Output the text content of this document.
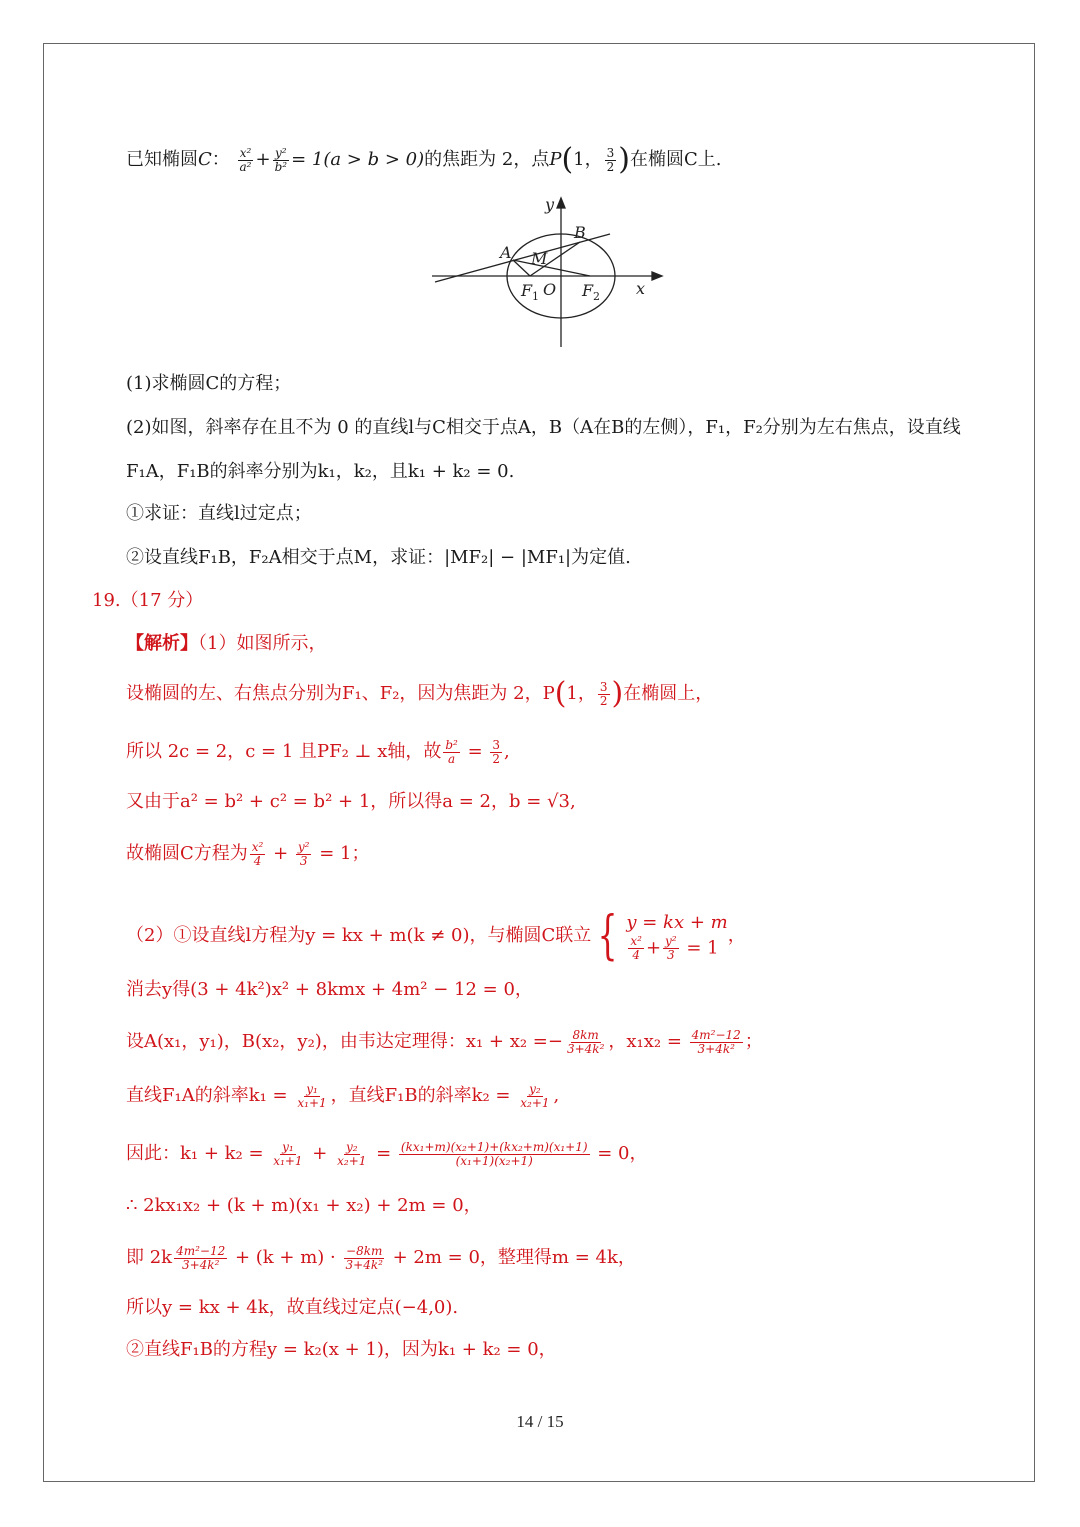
已知椭圆C： $\frac{\text{x²}}{\text{a²}} + \frac{\text{y²}}{\text{b²}} = 1(a > b > 0)$的焦距为 2，点P(1， $\frac{3}{2}$ )在椭圆C上.
y
x
A
B
M
F 1 O F 2
(1)求椭圆C的方程；
(2)如图，斜率存在且不为 0 的直线l与C相交于点A，B（A在B的左侧），F₁，F₂分别为左右焦点，设直线
F₁A，F₁B的斜率分别为k₁，k₂，且k₁ + k₂ = 0.
①求证：直线l过定点；
②设直线F₁B，F₂A相交于点M，求证：|MF₂| − |MF₁|为定值.
19.（17 分）
【解析】（1）如图所示，
设椭圆的左、右焦点分别为F₁、F₂，因为焦距为 2，P(1， $\frac{3}{2}$ )在椭圆上，
所以 2c = 2，c = 1 且PF₂ ⊥ x轴，故 $\frac{\text{b²}}{a} = \frac{3}{2}$ ,
又由于a² = b² + c² = b² + 1，所以得a = 2，b = √3,
故椭圆C方程为 $\frac{\text{x²}}{4} + \frac{\text{y²}}{3} = 1$；
（2）①设直线l方程为y = kx + m(k ≠ 0)，与椭圆C联立 { y = kx + m
$\frac{\text{x²}}{4} + \frac{\text{y²}}{3} = 1$
，
消去y得(3 + 4k²)x² + 8kmx + 4m² − 12 = 0，
设A(x₁，y₁)，B(x₂，y₂)，由韦达定理得：$x_1 + x_2 =- \frac{8km}{\text{3+4k²}}$ ，$x_1x_2 = \frac{\text{4m²−12}}{\text{3+4k²}}$ ；
直线F₁A的斜率$k_1 = \frac{\text{y₁}}{\text{x₁+1}}$ ，直线F₁B的斜率$k_2 = \frac{\text{y₂}}{\text{x₂+1}}$ ,
因此：$k_1 + k_2 = \frac{\text{y₁}}{\text{x₁+1}} + \frac{\text{y₂}}{\text{x₂+1}} = \frac{\text{(kx₁+m)(x₂+1)+(kx₂+m)(x₁+1)}}{\text{(x₁+1)(x₂+1)}} = 0$，
∴ 2kx₁x₂ + (k + m)(x₁ + x₂) + 2m = 0，
即 $2k \frac{\text{4m²−12}}{\text{3+4k²}} + (k + m) \cdot \frac{-8km}{\text{3+4k²}} + 2m = 0$，整理得m = 4k，
所以y = kx + 4k，故直线过定点(−4,0).
②直线F₁B的方程y = k₂(x + 1)，因为k₁ + k₂ = 0，
14 / 15
